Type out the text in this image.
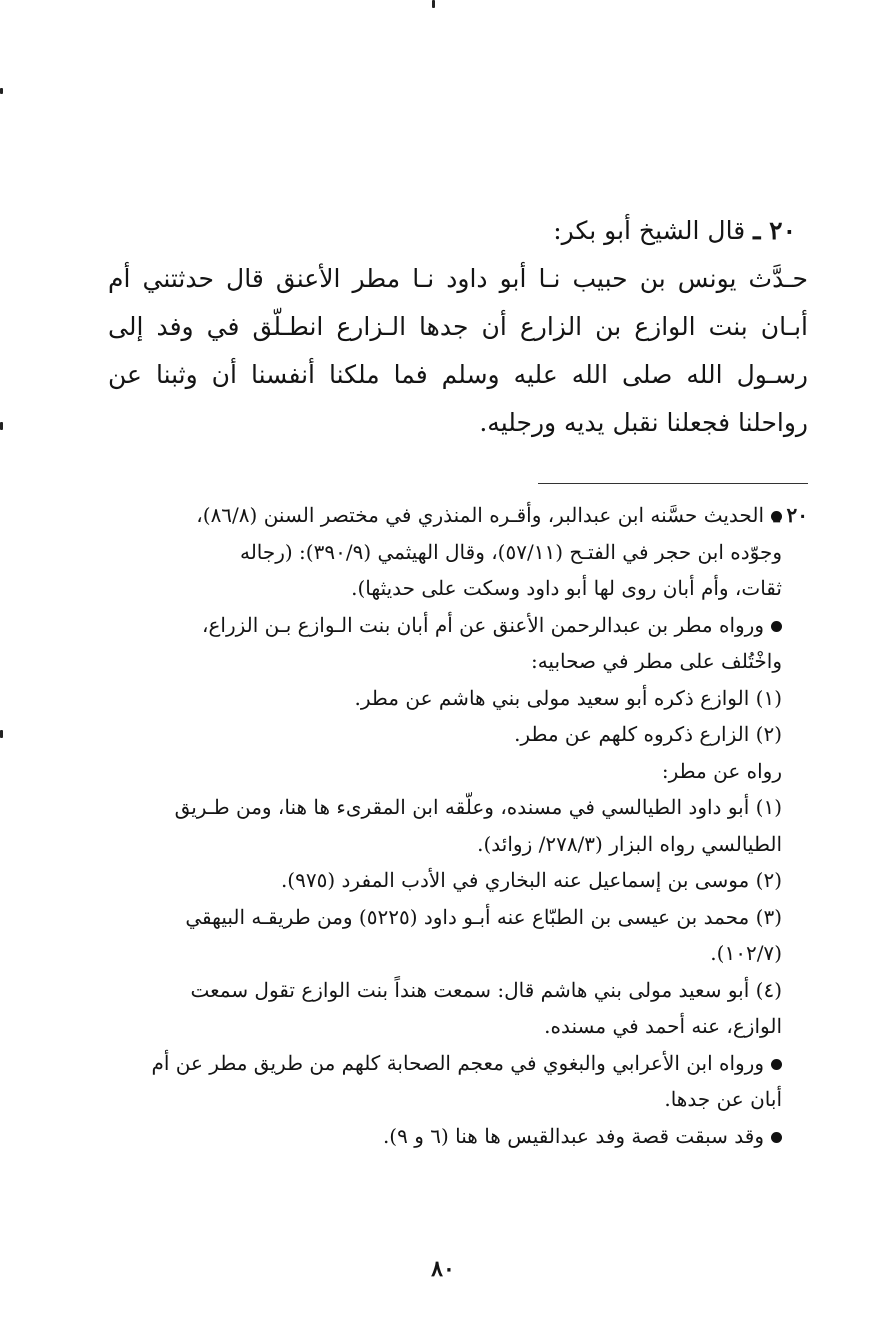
٢٠ ـ قال الشيخ أبو بكر:

حـدَّث يونس بن حبيب نـا أبو داود نـا مطر الأعنق قال حدثتني أم أبـان بنت الوازع بن الزارع أن جدها الـزارع انطـلّق في وفد إلى رسـول الله صلى الله عليه وسلم فما ملكنا أنفسنا أن وثبنا عن رواحلنا فجعلنا نقبل يديه ورجليه.

٢٠ ـالحديث حسَّنه ابن عبدالبر، وأقـره المنذري في مختصر السنن (٨٦/٨)،
وجوّده ابن حجر في الفتـح (٥٧/١١)، وقال الهيثمي (٣٩٠/٩): (رجاله
ثقات، وأم أبان روى لها أبو داود وسكت على حديثها).
ورواه مطر بن عبدالرحمن الأعنق عن أم أبان بنت الـوازع بـن الزراع،
واخْتُلف على مطر في صحابيه:
(١) الوازع ذكره أبو سعيد مولى بني هاشم عن مطر.
(٢) الزارع ذكروه كلهم عن مطر.
رواه عن مطر:
(١) أبو داود الطيالسي في مسنده، وعلّقه ابن المقرىء ها هنا، ومن طـريق
الطيالسي رواه البزار (٢٧٨/٣/ زوائد).
(٢) موسى بن إسماعيل عنه البخاري في الأدب المفرد (٩٧٥).
(٣) محمد بن عيسى بن الطبّاع عنه أبـو داود (٥٢٢٥) ومن طريقـه البيهقي
(١٠٢/٧).
(٤) أبو سعيد مولى بني هاشم قال: سمعت هنداً بنت الوازع تقول سمعت
الوازع، عنه أحمد في مسنده.
ورواه ابن الأعرابي والبغوي في معجم الصحابة كلهم من طريق مطر عن أم
أبان عن جدها.
وقد سبقت قصة وفد عبدالقيس ها هنا (٦ و ٩).
٨٠
